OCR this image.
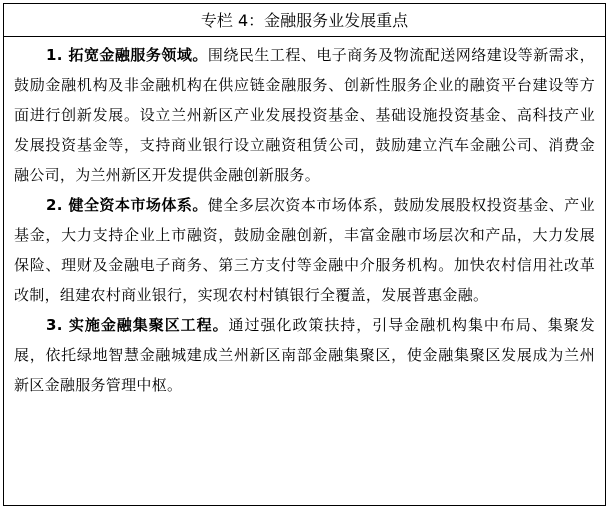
专栏 4：金融服务业发展重点

1. 拓宽金融服务领域。围绕民生工程、电子商务及物流配送网络建设等新需求，鼓励金融机构及非金融机构在供应链金融服务、创新性服务企业的融资平台建设等方面进行创新发展。设立兰州新区产业发展投资基金、基础设施投资基金、高科技产业发展投资基金等，支持商业银行设立融资租赁公司，鼓励建立汽车金融公司、消费金融公司，为兰州新区开发提供金融创新服务。

2. 健全资本市场体系。健全多层次资本市场体系，鼓励发展股权投资基金、产业基金，大力支持企业上市融资，鼓励金融创新，丰富金融市场层次和产品，大力发展保险、理财及金融电子商务、第三方支付等金融中介服务机构。加快农村信用社改革改制，组建农村商业银行，实现农村村镇银行全覆盖，发展普惠金融。

3. 实施金融集聚区工程。通过强化政策扶持，引导金融机构集中布局、集聚发展，依托绿地智慧金融城建成兰州新区南部金融集聚区，使金融集聚区发展成为兰州新区金融服务管理中枢。
